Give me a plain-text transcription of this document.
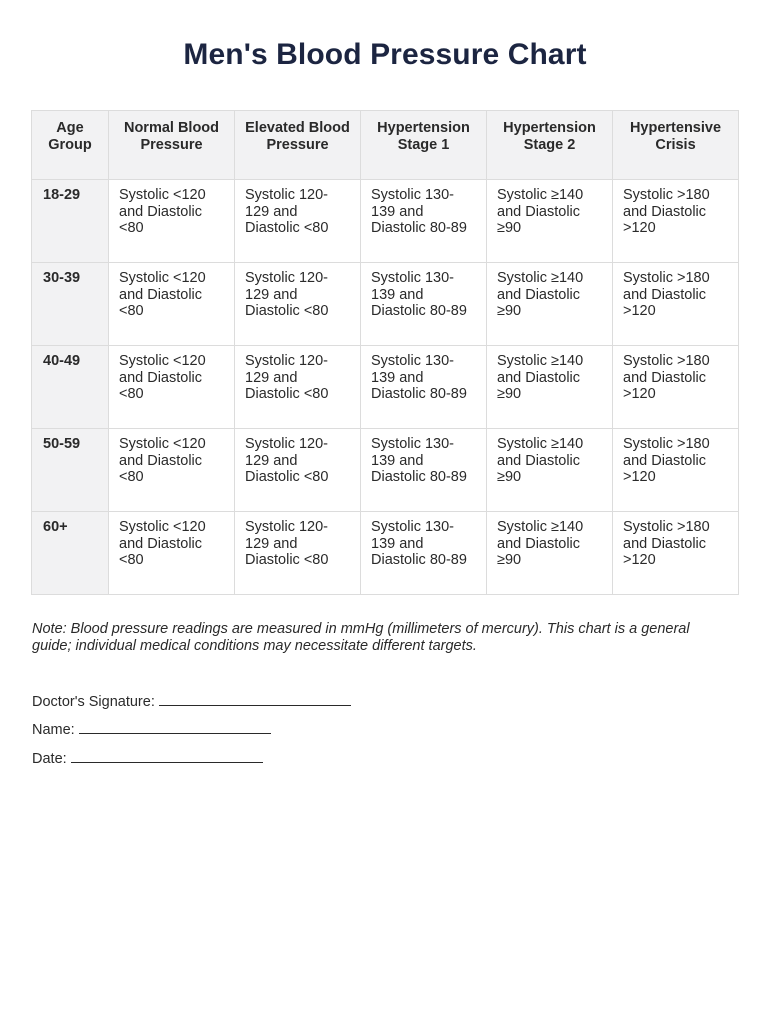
Men's Blood Pressure Chart
Age Group	Normal Blood Pressure	Elevated Blood Pressure	Hypertension Stage 1	Hypertension Stage 2	Hypertensive Crisis
18-29	Systolic <120 and Diastolic <80	Systolic 120-129 and Diastolic <80	Systolic 130-139 and Diastolic 80-89	Systolic ≥140 and Diastolic ≥90	Systolic >180 and Diastolic >120
30-39	Systolic <120 and Diastolic <80	Systolic 120-129 and Diastolic <80	Systolic 130-139 and Diastolic 80-89	Systolic ≥140 and Diastolic ≥90	Systolic >180 and Diastolic >120
40-49	Systolic <120 and Diastolic <80	Systolic 120-129 and Diastolic <80	Systolic 130-139 and Diastolic 80-89	Systolic ≥140 and Diastolic ≥90	Systolic >180 and Diastolic >120
50-59	Systolic <120 and Diastolic <80	Systolic 120-129 and Diastolic <80	Systolic 130-139 and Diastolic 80-89	Systolic ≥140 and Diastolic ≥90	Systolic >180 and Diastolic >120
60+	Systolic <120 and Diastolic <80	Systolic 120-129 and Diastolic <80	Systolic 130-139 and Diastolic 80-89	Systolic ≥140 and Diastolic ≥90	Systolic >180 and Diastolic >120
Note: Blood pressure readings are measured in mmHg (millimeters of mercury). This chart is a general guide; individual medical conditions may necessitate different targets.
Doctor's Signature:
Name:
Date:
